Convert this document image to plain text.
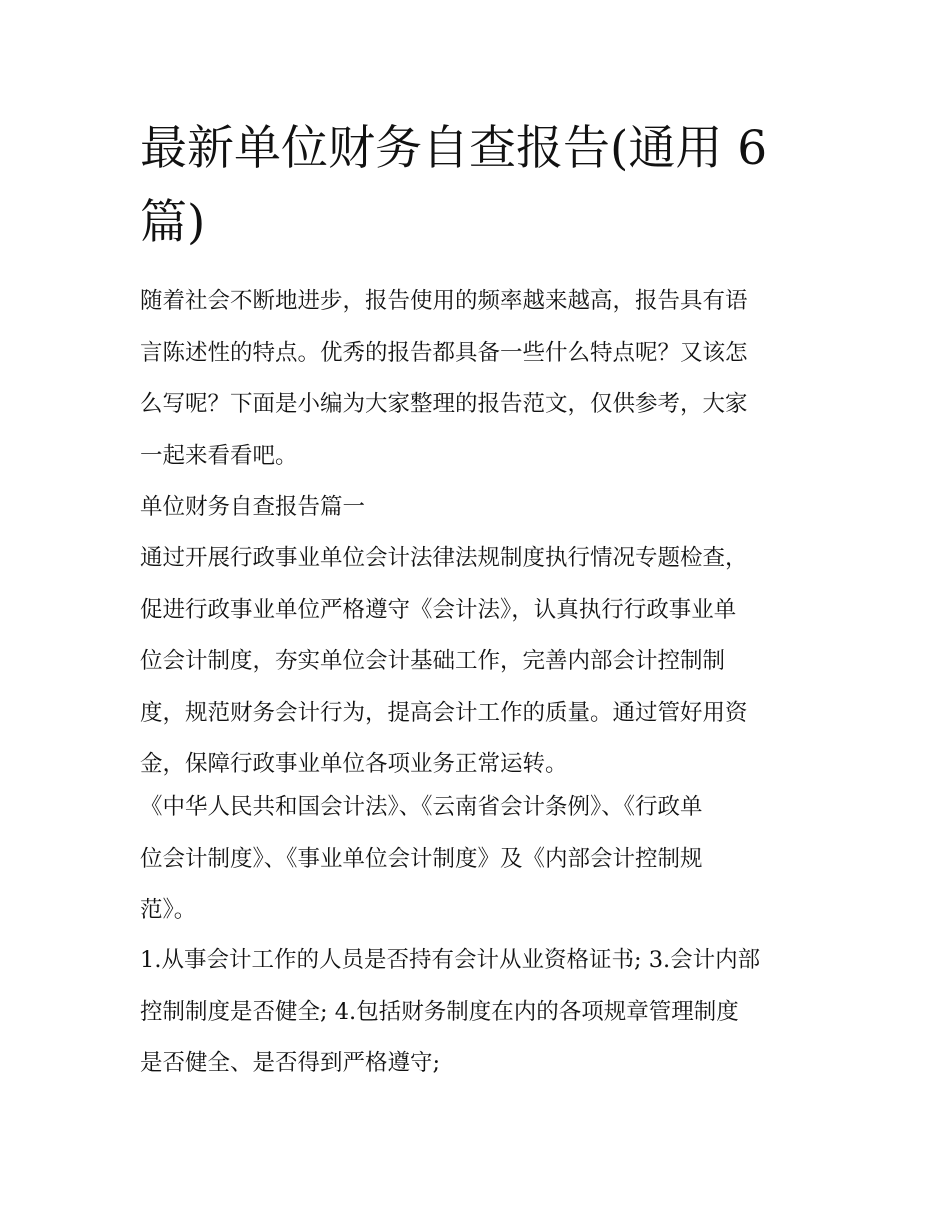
最新单位财务自查报告(通用 6
篇)

随着社会不断地进步，报告使用的频率越来越高，报告具有语
言陈述性的特点。优秀的报告都具备一些什么特点呢？又该怎
么写呢？下面是小编为大家整理的报告范文，仅供参考，大家
一起来看看吧。

单位财务自查报告篇一

通过开展行政事业单位会计法律法规制度执行情况专题检查，
促进行政事业单位严格遵守《会计法》，认真执行行政事业单
位会计制度，夯实单位会计基础工作，完善内部会计控制制
度，规范财务会计行为，提高会计工作的质量。通过管好用资
金，保障行政事业单位各项业务正常运转。

《中华人民共和国会计法》、《云南省会计条例》、《行政单
位会计制度》、《事业单位会计制度》及《内部会计控制规
范》。

1.从事会计工作的人员是否持有会计从业资格证书; 3.会计内部
控制制度是否健全; 4.包括财务制度在内的各项规章管理制度
是否健全、是否得到严格遵守;
